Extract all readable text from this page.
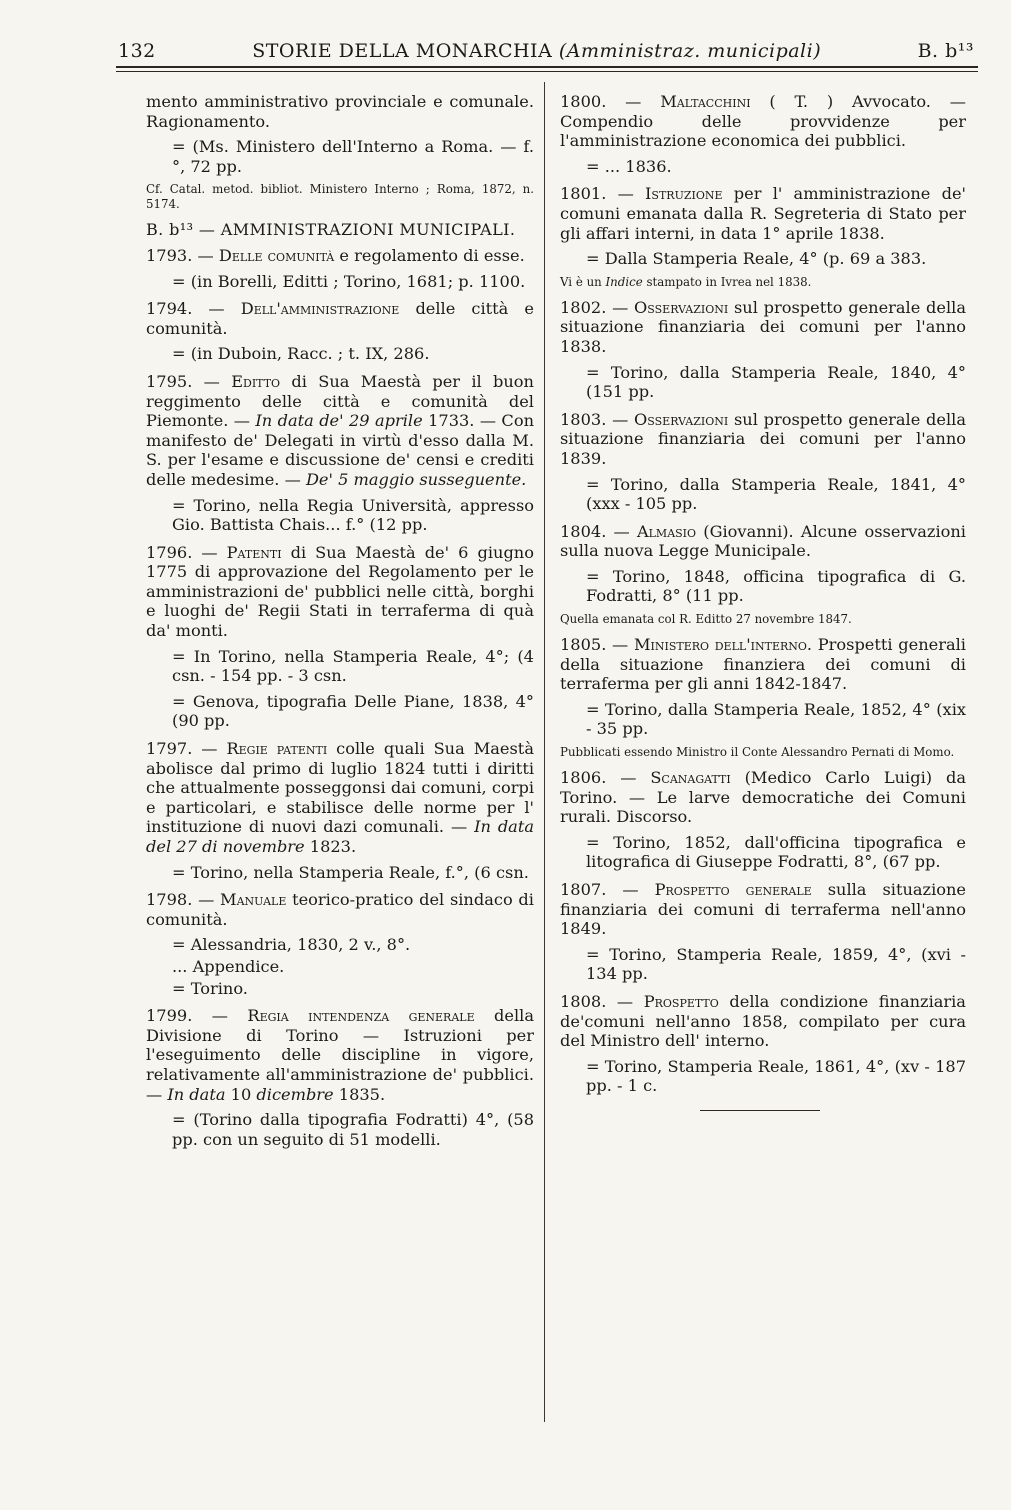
132	STORIE DELLA MONARCHIA (Amministraz. municipali)	B. b¹³

mento amministrativo provinciale e comunale. Ragionamento.

= (Ms. Ministero dell'Interno a Roma. — f.°, 72 pp.

Cf. Catal. metod. bibliot. Ministero Interno ; Roma, 1872, n. 5174.

B. b¹³ — AMMINISTRAZIONI MUNICIPALI.

1793. — Delle comunità e regolamento di esse.

= (in Borelli, Editti ; Torino, 1681; p. 1100.

1794. — Dell'amministrazione delle città e comunità.

= (in Duboin, Racc. ; t. IX, 286.

1795. — Editto di Sua Maestà per il buon reggimento delle città e comunità del Piemonte. — In data de' 29 aprile 1733. — Con manifesto de' Delegati in virtù d'esso dalla M. S. per l'esame e discussione de' censi e crediti delle medesime. — De' 5 maggio susseguente.

= Torino, nella Regia Università, appresso Gio. Battista Chais... f.° (12 pp.

1796. — Patenti di Sua Maestà de' 6 giugno 1775 di approvazione del Regolamento per le amministrazioni de' pubblici nelle città, borghi e luoghi de' Regii Stati in terraferma di quà da' monti.

= In Torino, nella Stamperia Reale, 4°; (4 csn. - 154 pp. - 3 csn.

= Genova, tipografia Delle Piane, 1838, 4° (90 pp.

1797. — Regie patenti colle quali Sua Maestà abolisce dal primo di luglio 1824 tutti i diritti che attualmente posseggonsi dai comuni, corpi e particolari, e stabilisce delle norme per l' instituzione di nuovi dazi comunali. — In data del 27 di novembre 1823.

= Torino, nella Stamperia Reale, f.°, (6 csn.

1798. — Manuale teorico-pratico del sindaco di comunità.

= Alessandria, 1830, 2 v., 8°.

... Appendice.

= Torino.

1799. — Regia intendenza generale della Divisione di Torino — Istruzioni per l'eseguimento delle discipline in vigore, relativamente all'amministrazione de' pubblici. — In data 10 dicembre 1835.

= (Torino dalla tipografia Fodratti) 4°, (58 pp. con un seguito di 51 modelli.

1800. — Maltacchini ( T. ) Avvocato. — Compendio delle provvidenze per l'amministrazione economica dei pubblici.

= ... 1836.

1801. — Istruzione per l' amministrazione de' comuni emanata dalla R. Segreteria di Stato per gli affari interni, in data 1° aprile 1838.

= Dalla Stamperia Reale, 4° (p. 69 a 383.

Vi è un Indice stampato in Ivrea nel 1838.

1802. — Osservazioni sul prospetto generale della situazione finanziaria dei comuni per l'anno 1838.

= Torino, dalla Stamperia Reale, 1840, 4° (151 pp.

1803. — Osservazioni sul prospetto generale della situazione finanziaria dei comuni per l'anno 1839.

= Torino, dalla Stamperia Reale, 1841, 4° (xxx - 105 pp.

1804. — Almasio (Giovanni). Alcune osservazioni sulla nuova Legge Municipale.

= Torino, 1848, officina tipografica di G. Fodratti, 8° (11 pp.

Quella emanata col R. Editto 27 novembre 1847.

1805. — Ministero dell'interno. Prospetti generali della situazione finanziera dei comuni di terraferma per gli anni 1842-1847.

= Torino, dalla Stamperia Reale, 1852, 4° (xix - 35 pp.

Pubblicati essendo Ministro il Conte Alessandro Pernati di Momo.

1806. — Scanagatti (Medico Carlo Luigi) da Torino. — Le larve democratiche dei Comuni rurali. Discorso.

= Torino, 1852, dall'officina tipografica e litografica di Giuseppe Fodratti, 8°, (67 pp.

1807. — Prospetto generale sulla situazione finanziaria dei comuni di terraferma nell'anno 1849.

= Torino, Stamperia Reale, 1859, 4°, (xvi - 134 pp.

1808. — Prospetto della condizione finanziaria de'comuni nell'anno 1858, compilato per cura del Ministro dell' interno.

= Torino, Stamperia Reale, 1861, 4°, (xv - 187 pp. - 1 c.
